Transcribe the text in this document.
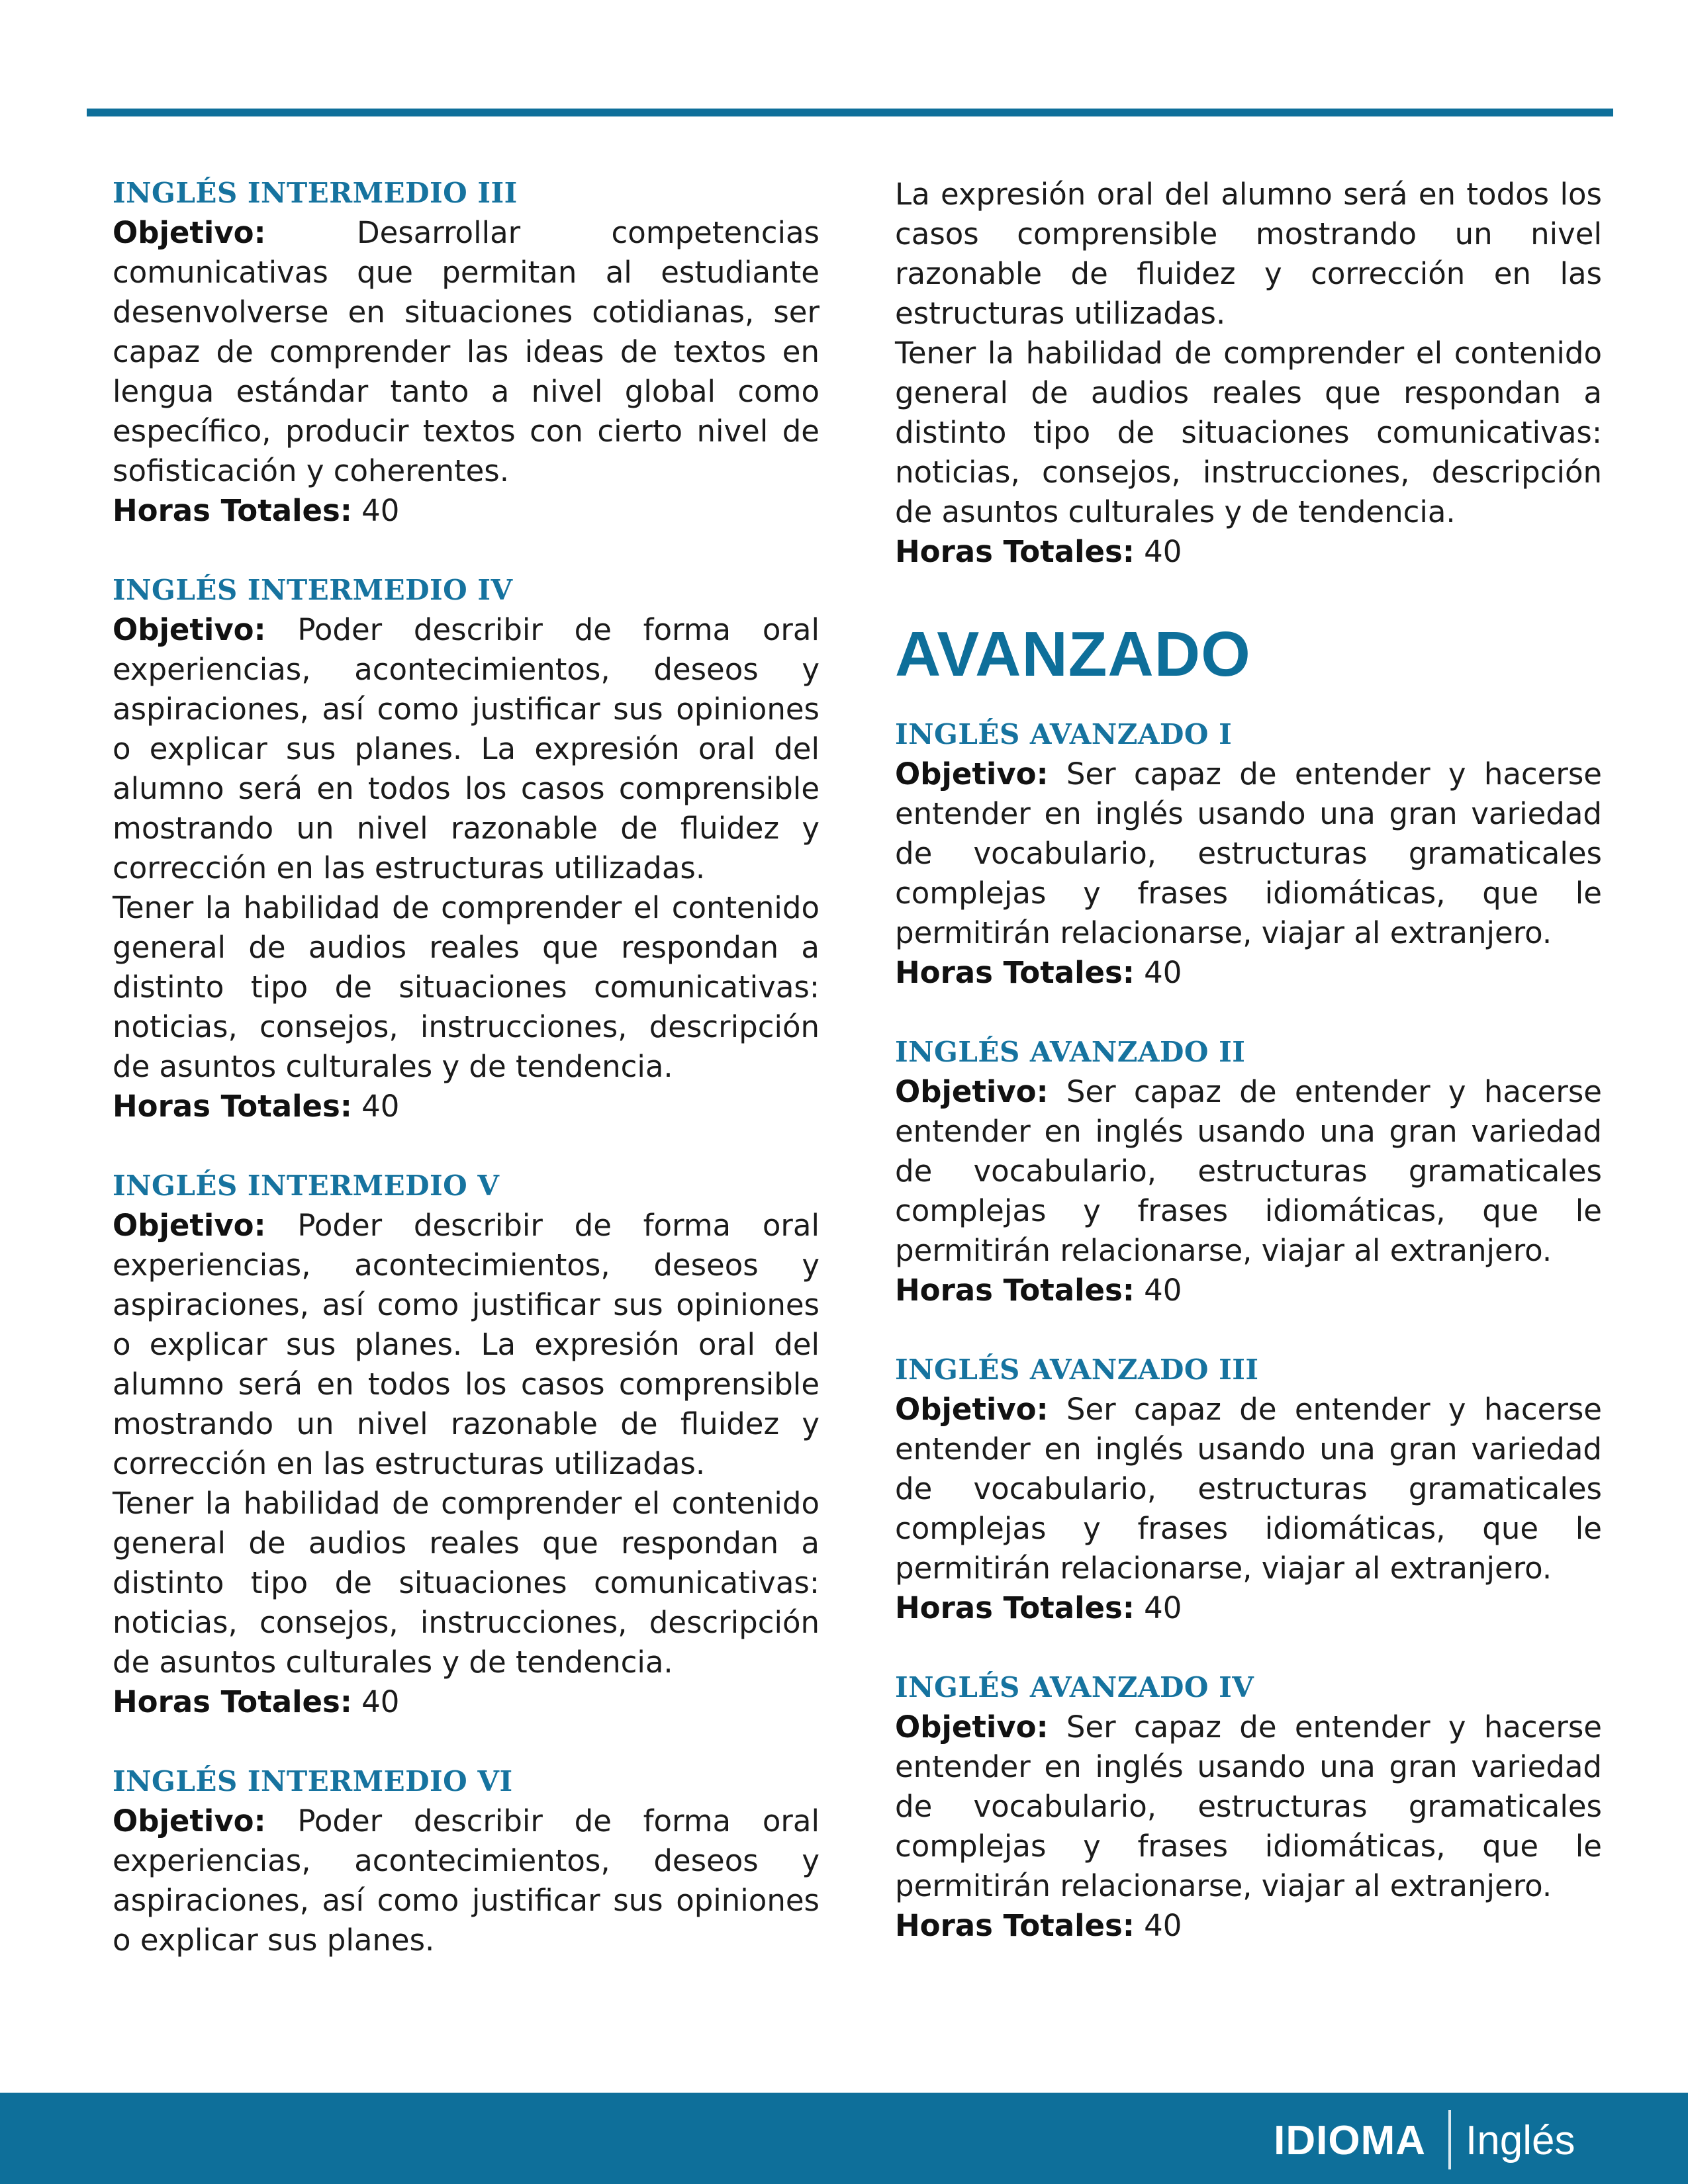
INGLÉS INTERMEDIO III

Objetivo:	Desarrollar competencias comunicativas que permitan al estudiante desenvolverse en situaciones cotidianas, ser capaz de comprender las ideas de textos en lengua estándar tanto a nivel global como específico, producir textos con cierto nivel de sofisticación y coherentes.

Horas Totales: 40

INGLÉS INTERMEDIO IV

Objetivo: Poder describir de forma oral experiencias, acontecimientos, deseos y aspiraciones, así como justificar sus opiniones o explicar sus planes. La expresión oral del alumno será en todos los casos comprensible mostrando un nivel razonable de fluidez y corrección en las estructuras utilizadas.

Tener la habilidad de comprender el contenido general de audios reales que respondan a distinto tipo de situaciones comunicativas: noticias, consejos, instrucciones, descripción de asuntos culturales y de tendencia.

Horas Totales: 40

INGLÉS INTERMEDIO V

Objetivo: Poder describir de forma oral experiencias, acontecimientos, deseos y aspiraciones, así como justificar sus opiniones o explicar sus planes. La expresión oral del alumno será en todos los casos comprensible mostrando un nivel razonable de fluidez y corrección en las estructuras utilizadas.

Tener la habilidad de comprender el contenido general de audios reales que respondan a distinto tipo de situaciones comunicativas: noticias, consejos, instrucciones, descripción de asuntos culturales y de tendencia.

Horas Totales: 40

INGLÉS INTERMEDIO VI

Objetivo: Poder describir de forma oral experiencias, acontecimientos, deseos y aspiraciones, así como justificar sus opiniones o explicar sus planes.

La expresión oral del alumno será en todos los casos comprensible mostrando un nivel razonable de fluidez y corrección en las estructuras utilizadas.

Tener la habilidad de comprender el contenido general de audios reales que respondan a distinto tipo de situaciones comunicativas: noticias, consejos, instrucciones, descripción de asuntos culturales y de tendencia.

Horas Totales: 40

AVANZADO

INGLÉS AVANZADO I

Objetivo: Ser capaz de entender y hacerse entender en inglés usando una gran variedad de vocabulario, estructuras gramaticales complejas y frases idiomáticas, que le permitirán relacionarse, viajar al extranjero.

Horas Totales: 40

INGLÉS AVANZADO II

Objetivo: Ser capaz de entender y hacerse entender en inglés usando una gran variedad de vocabulario, estructuras gramaticales complejas y frases idiomáticas, que le permitirán relacionarse, viajar al extranjero.

Horas Totales: 40

INGLÉS AVANZADO III

Objetivo: Ser capaz de entender y hacerse entender en inglés usando una gran variedad de vocabulario, estructuras gramaticales complejas y frases idiomáticas, que le permitirán relacionarse, viajar al extranjero.

Horas Totales: 40

INGLÉS AVANZADO IV

Objetivo: Ser capaz de entender y hacerse entender en inglés usando una gran variedad de vocabulario, estructuras gramaticales complejas y frases idiomáticas, que le permitirán relacionarse, viajar al extranjero.

Horas Totales: 40

IDIOMA Inglés
